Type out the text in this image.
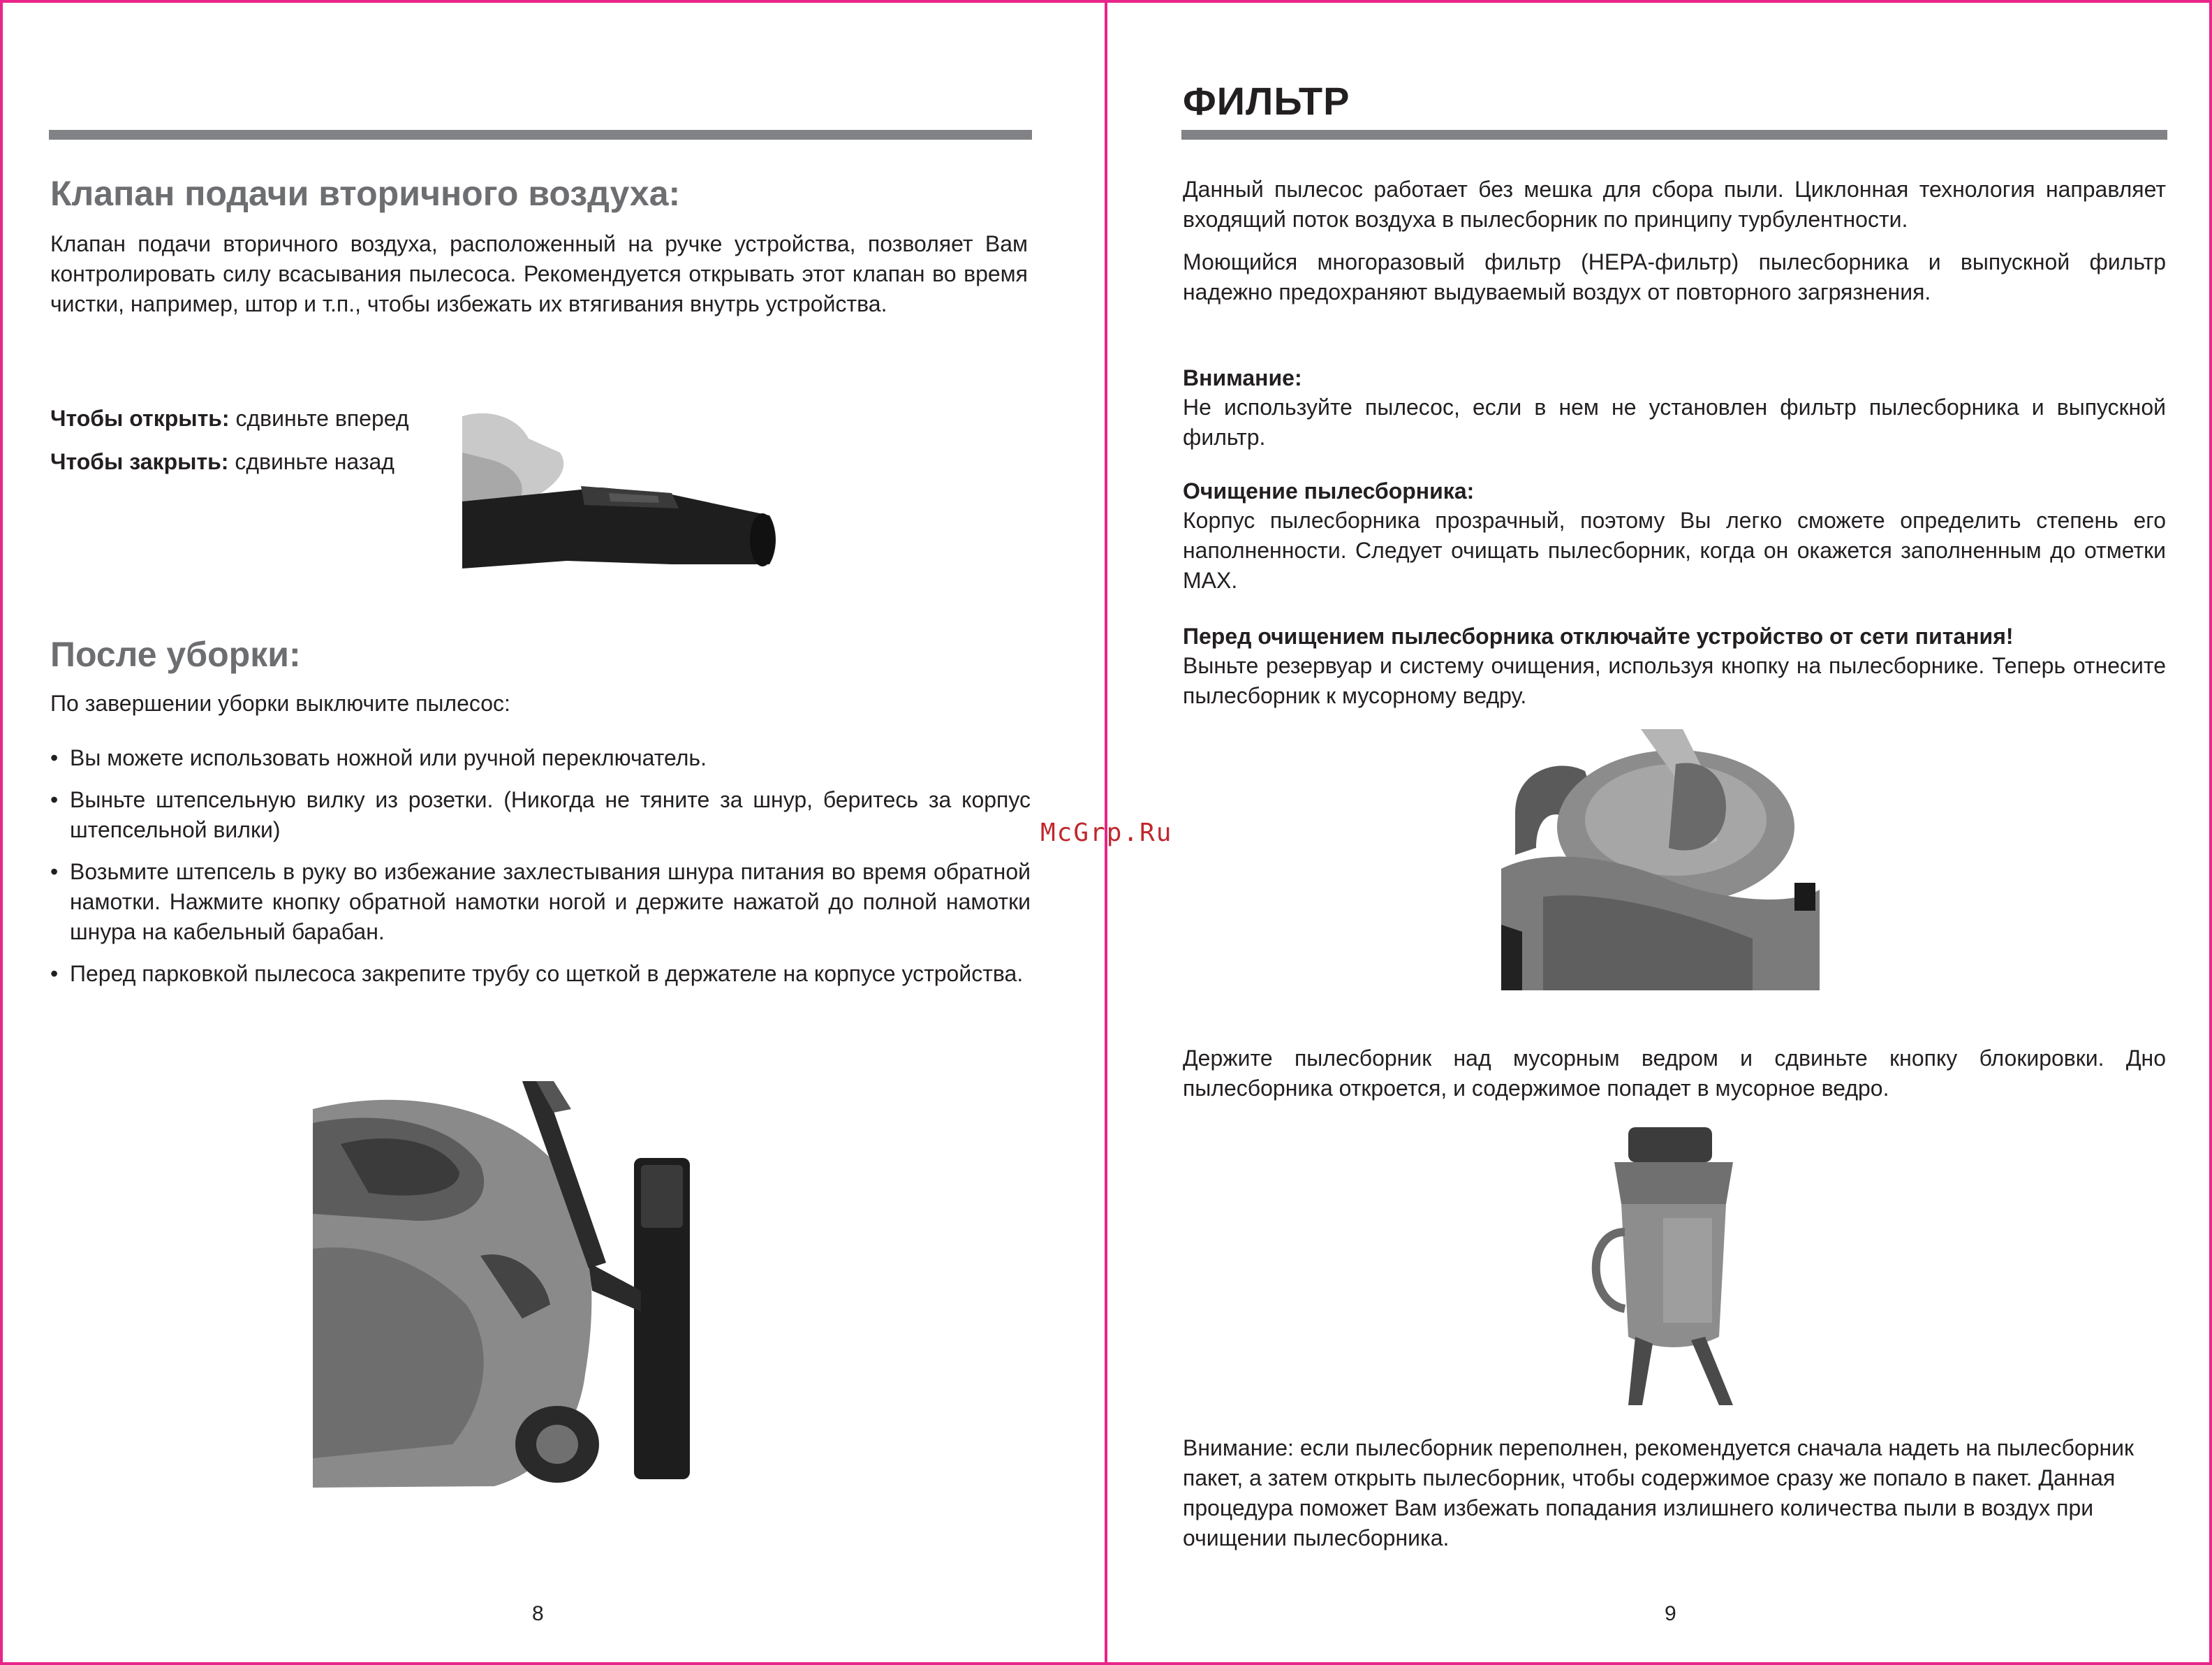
Клапан подачи вторичного воздуха:

Клапан подачи вторичного воздуха, расположенный на ручке устройства, позволяет Вам контролировать силу всасывания пылесоса. Рекомендуется открывать этот клапан во время чистки, например, штор и т.п., чтобы избежать их втягивания внутрь устройства.

Чтобы открыть: сдвиньте вперед
Чтобы закрыть: сдвиньте назад
После уборки:

По завершении уборки выключите пылесос:

• Вы можете использовать ножной или ручной переключатель.
• Выньте штепсельную вилку из розетки. (Никогда не тяните за шнур, беритесь за корпус штепсельной вилки)
• Возьмите штепсель в руку во избежание захлестывания шнура питания во время обратной намотки. Нажмите кнопку обратной намотки ногой и держите нажатой до полной намотки шнура на кабельный барабан.
• Перед парковкой пылесоса закрепите трубу со щеткой в держателе на корпусе устройства.
8
McGrp.Ru
ФИЛЬТР

Данный пылесос работает без мешка для сбора пыли. Циклонная технология направляет входящий поток воздуха в пылесборник по принципу турбулентности.

Моющийся многоразовый фильтр (HEPA-фильтр) пылесборника и выпускной фильтр надежно предохраняют выдуваемый воздух от повторного загрязнения.

Внимание:

Не используйте пылесос, если в нем не установлен фильтр пылесборника и выпускной фильтр.

Очищение пылесборника:

Корпус пылесборника прозрачный, поэтому Вы легко сможете определить степень его наполненности. Следует очищать пылесборник, когда он окажется заполненным до отметки MAX.

Перед очищением пылесборника отключайте устройство от сети питания!

Выньте резервуар и систему очищения, используя кнопку на пылесборнике. Теперь отнесите пылесборник к мусорному ведру.

Держите пылесборник над мусорным ведром и сдвиньте кнопку блокировки. Дно пылесборника откроется, и содержимое попадет в мусорное ведро.

Внимание: если пылесборник переполнен, рекомендуется сначала надеть на пылесборник пакет, а затем открыть пылесборник, чтобы содержимое сразу же попало в пакет. Данная процедура поможет Вам избежать попадания излишнего количества пыли в воздух при очищении пылесборника.

9
